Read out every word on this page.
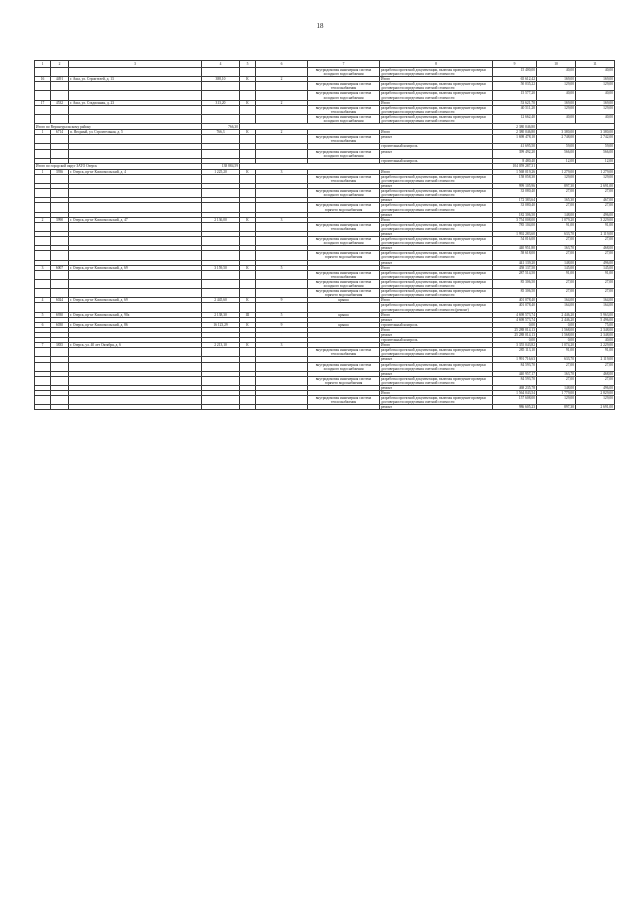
18
1	2	3	4	5	6	7	8	9	10	11
						внутридомовая инженерная система холодного водоснабжения	разработка проектной документации, включая проведение проверки достоверности определения сметной стоимости	15 400,00	40,00	40,00
16	4491	г. Аша, ул. Строителей, д. 13	388,10	К	2		Итого	65 612,42	169,00	169,00
						внутридомовая инженерная система теплоснабжения	разработка проектной документации, включая проведение проверки достоверности определения сметной стоимости	50 035,22	129,00	129,00
						внутридомовая инженерная система холодного водоснабжения	разработка проектной документации, включая проведение проверки достоверности определения сметной стоимости	15 577,20	40,00	40,00
17	4532	г. Аша, ул. Стадионная, д. 23	313,20	К	2		Итого	53 621,70	169,00	169,00
						внутридомовая инженерная система теплоснабжения	разработка проектной документации, включая проведение проверки достоверности определения сметной стоимости	40 511,20	129,00	129,00
						внутридомовая инженерная система холодного водоснабжения	разработка проектной документации, включая проведение проверки достоверности определения сметной стоимости	12 662,40	40,00	40,00
Итого по Верхнеуральскому району			766,30					2 380 046,80		
1	6714	п. Ягодный, ул. Строительная, д. 5	766,3	К	2		Итого	2 380 046,80	3 380,00	3 380,00
						внутридомовая инженерная система теплоснабжения	ремонт	1 698 478,10	2 748,00	2 742,00
							строительный контроль	41 695,50	59,00	59,00
						внутридомовая инженерная система холодного водоснабжения	ремонт	399 492,20	566,00	566,00
							строительный контроль	8 480,40	12,00	12,00
Итого по городской округ ЗАТО Озерск			138 884,59					104 059 287,31		
1	3936	г. Озерск, пр-кт Комсомольский, д. 4	1 225,20	К	3		Итого	1 568 019,26	1 279,00	1 279,00
						внутридомовая инженерная система теплоснабжения	разработка проектной документации, включая проведение проверки достоверности определения сметной стоимости	158 058,30	129,00	129,00
							ремонт	999 105,96	897,30	2 691,00
						внутридомовая инженерная система холодного водоснабжения	разработка проектной документации, включая проведение проверки достоверности определения сметной стоимости	33 080,40	27,00	27,00
							ремонт	172 383,64	165,30	467,00
						внутридомовая инженерная система горячего водоснабжения	разработка проектной документации, включая проведение проверки достоверности определения сметной стоимости	33 080,40	27,00	27,00
							ремонт	182 306,50	148,00	496,00
2	3990	г. Озерск, пр-кт Комсомольский, д. 47	2 136,00	К	3		Итого	3 754 008,00	1 079,20	3 229,00
						внутридомовая инженерная система теплоснабжения	разработка проектной документации, включая проведение проверки достоверности определения сметной стоимости	785 104,00	91,00	91,00
							ремонт	1 992 283,60	633,70	2 119,00
						внутридомовая инженерная система холодного водоснабжения	разработка проектной документации, включая проведение проверки достоверности определения сметной стоимости	54 016,00	27,00	27,00
							ремонт	440 951,80	163,70	468,00
						внутридомовая инженерная система горячего водоснабжения	разработка проектной документации, включая проведение проверки достоверности определения сметной стоимости	58 618,00	27,00	27,00
							ремонт	441 139,20	148,00	496,00
3	6007	г. Озерск, пр-кт Комсомольский, д. 69	3 159,50	К	5		Итого	458 137,50	145,00	145,00
						внутридомовая инженерная система теплоснабжения	разработка проектной документации, включая проведение проверки достоверности определения сметной стоимости	287 514,50	91,00	91,00
						внутридомовая инженерная система холодного водоснабжения	разработка проектной документации, включая проведение проверки достоверности определения сметной стоимости	85 306,50	27,00	27,00
						внутридомовая инженерная система горячего водоснабжения	разработка проектной документации, включая проведение проверки достоверности определения сметной стоимости	85 306,50	27,00	27,00
4	6024	г. Озерск, пр-кт Комсомольский, д. 69	2 445,60	К	9	крыша	Итого	401 078,40	164,00	164,00
							разработка проектной документации, включая проведение проверки достоверности определения сметной стоимости (ремонт)	401 078,40	164,00	164,00
5	6930	г. Озерск, пр-кт Комсомольский, д. 90а	2 138,30	Ш	5	крыша	Итого	4 698 573,74	2 446,20	5 963,00
							ремонт	4 698 573,74	2 446,20	5 496,00
6	6030	г. Озерск, пр-кт Комсомольский, д. 86	16 123,29	К	9	крыша	строительный контроль	0,00	0,00	75,00
							Итого	25 288 014,13	1 568,00	2 348,00
							ремонт	25 288 014,13	1 568,00	2 348,00
							строительный контроль	0,00	0,00	40,00
7	3835	г. Озерск, ул. 40 лет Октября, д. 6	2 213,10	К	3		Итого	3 355 043,82	1 074,20	2 229,00
						внутридомовая инженерная система теплоснабжения	разработка проектной документации, включая проведение проверки достоверности определения сметной стоимости	285 113,10	91,00	91,00
							ремонт	1 991 716,63	633,70	2 119,00
						внутридомовая инженерная система холодного водоснабжения	разработка проектной документации, включая проведение проверки достоверности определения сметной стоимости	84 593,70	27,00	27,00
							ремонт	440 957,17	163,70	468,00
						внутридомовая инженерная система горячего водоснабжения	разработка проектной документации, включая проведение проверки достоверности определения сметной стоимости	84 593,70	27,00	27,00
							ремонт	468 235,78	148,00	496,00
							Итого	1 564 043,54	1 779,00	2 829,00
						внутридомовая инженерная система теплоснабжения	разработка проектной документации, включая проведение проверки достоверности определения сметной стоимости	157 608,00	129,00	129,00
							ремонт	986 605,23	897,30	2 691,00
